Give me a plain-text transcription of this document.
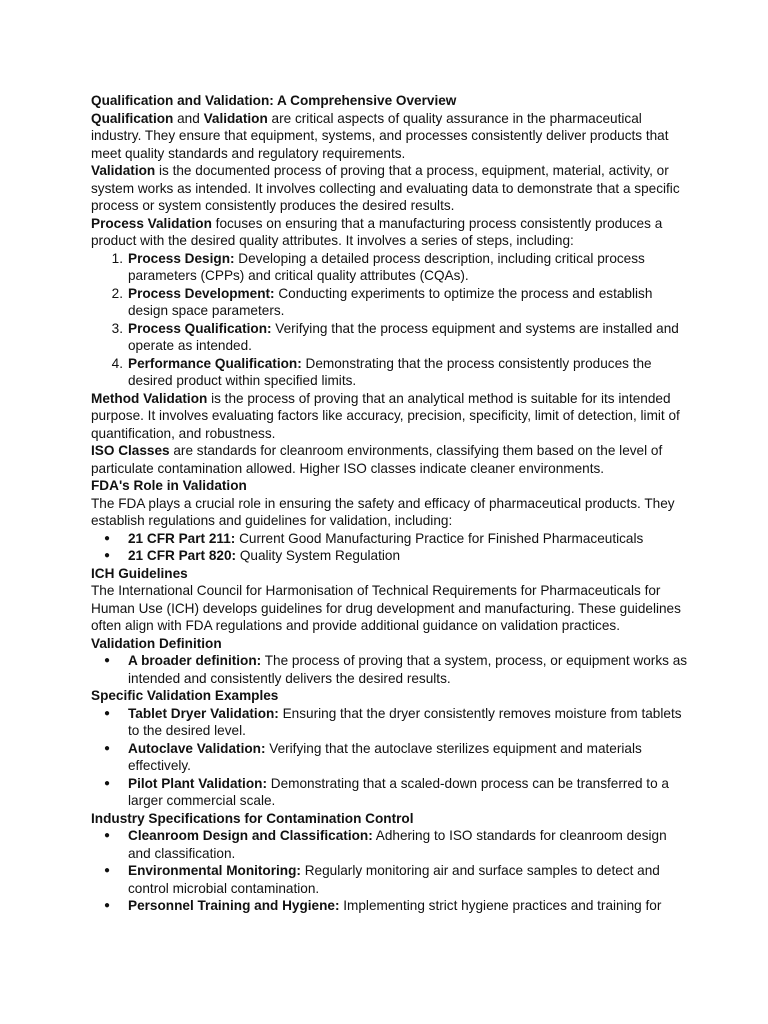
Qualification and Validation: A Comprehensive Overview

Qualification and Validation are critical aspects of quality assurance in the pharmaceutical industry. They ensure that equipment, systems, and processes consistently deliver products that meet quality standards and regulatory requirements.

Validation is the documented process of proving that a process, equipment, material, activity, or system works as intended. It involves collecting and evaluating data to demonstrate that a specific process or system consistently produces the desired results.

Process Validation focuses on ensuring that a manufacturing process consistently produces a product with the desired quality attributes. It involves a series of steps, including:

1. Process Design: Developing a detailed process description, including critical process parameters (CPPs) and critical quality attributes (CQAs).
2. Process Development: Conducting experiments to optimize the process and establish design space parameters.
3. Process Qualification: Verifying that the process equipment and systems are installed and operate as intended.
4. Performance Qualification: Demonstrating that the process consistently produces the desired product within specified limits.

Method Validation is the process of proving that an analytical method is suitable for its intended purpose. It involves evaluating factors like accuracy, precision, specificity, limit of detection, limit of quantification, and robustness.

ISO Classes are standards for cleanroom environments, classifying them based on the level of particulate contamination allowed. Higher ISO classes indicate cleaner environments.

FDA's Role in Validation

The FDA plays a crucial role in ensuring the safety and efficacy of pharmaceutical products. They establish regulations and guidelines for validation, including:

● 21 CFR Part 211: Current Good Manufacturing Practice for Finished Pharmaceuticals
● 21 CFR Part 820: Quality System Regulation

ICH Guidelines

The International Council for Harmonisation of Technical Requirements for Pharmaceuticals for Human Use (ICH) develops guidelines for drug development and manufacturing. These guidelines often align with FDA regulations and provide additional guidance on validation practices.

Validation Definition

● A broader definition: The process of proving that a system, process, or equipment works as intended and consistently delivers the desired results.

Specific Validation Examples

● Tablet Dryer Validation: Ensuring that the dryer consistently removes moisture from tablets to the desired level.
● Autoclave Validation: Verifying that the autoclave sterilizes equipment and materials effectively.
● Pilot Plant Validation: Demonstrating that a scaled-down process can be transferred to a larger commercial scale.

Industry Specifications for Contamination Control

● Cleanroom Design and Classification: Adhering to ISO standards for cleanroom design and classification.
● Environmental Monitoring: Regularly monitoring air and surface samples to detect and control microbial contamination.
● Personnel Training and Hygiene: Implementing strict hygiene practices and training for
